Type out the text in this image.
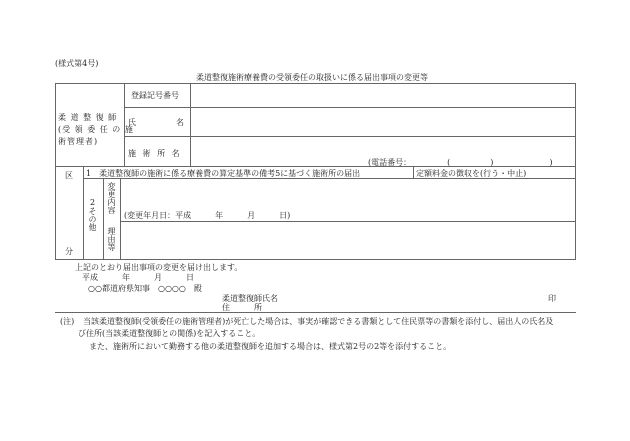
(様式第4号)
柔道整復施術療養費の受領委任の取扱いに係る届出事項の変更等
柔 道 整 復 師
(受 領 委 任 の 施
術管理者)
登録記号番号
氏	名
施 術 所 名
(電話番号：　　　　　(　　　　　)　　　　　　　)
区
分
1　柔道整復師の施術に係る療養費の算定基準の備考5に基づく施術所の届出	定額料金の徴収を(行う・中止)
2その他 変更内容
(変更年月日：平成　　　年　　　月　　　日)
理由等
上記のとおり届出事項の変更を届け出します。
平成　　　年　　　月　　　日
○○都道府県知事　○○○○　殿
柔道整復師氏名	印
住　　　所
(注) 当該柔道整復師(受領委任の施術管理者)が死亡した場合は、事実が確認できる書類として住民票等の書類を添付し、届出人の氏名及
び住所(当該柔道整復師との関係)を記入すること。
また、施術所において勤務する他の柔道整復師を追加する場合は、様式第2号の2等を添付すること。
